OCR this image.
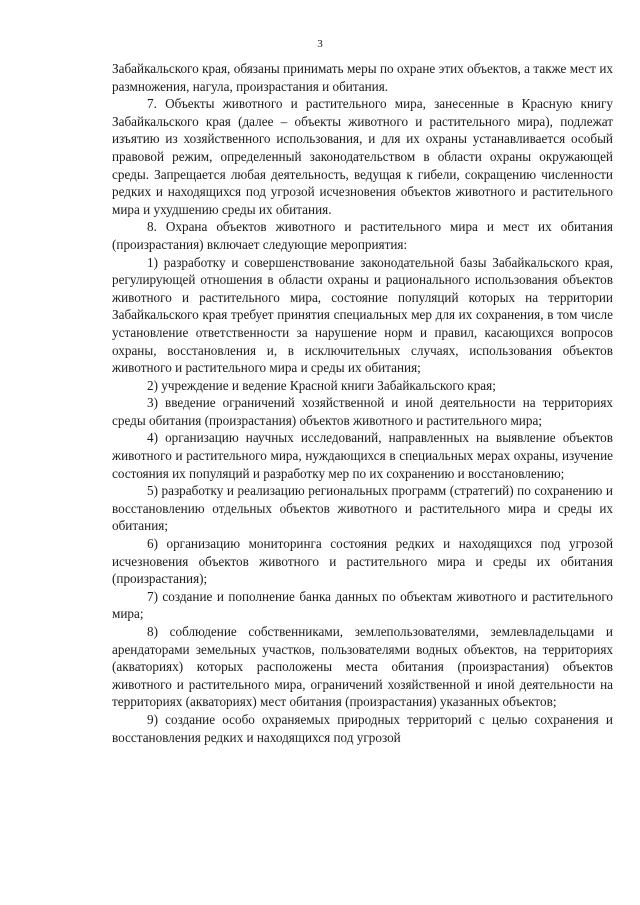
3

Забайкальского края, обязаны принимать меры по охране этих объектов, а также мест их размножения, нагула, произрастания и обитания.

7. Объекты животного и растительного мира, занесенные в Красную книгу Забайкальского края (далее – объекты животного и растительного мира), подлежат изъятию из хозяйственного использования, и для их охраны устанавливается особый правовой режим, определенный законодательством в области охраны окружающей среды. Запрещается любая деятельность, ведущая к гибели, сокращению численности редких и находящихся под угрозой исчезновения объектов животного и растительного мира и ухудшению среды их обитания.

8. Охрана объектов животного и растительного мира и мест их обитания (произрастания) включает следующие мероприятия:

1) разработку и совершенствование законодательной базы Забайкальского края, регулирующей отношения в области охраны и рационального использования объектов животного и растительного мира, состояние популяций которых на территории Забайкальского края требует принятия специальных мер для их сохранения, в том числе установление ответственности за нарушение норм и правил, касающихся вопросов охраны, восстановления и, в исключительных случаях, использования объектов животного и растительного мира и среды их обитания;

2) учреждение и ведение Красной книги Забайкальского края;

3) введение ограничений хозяйственной и иной деятельности на территориях среды обитания (произрастания) объектов животного и растительного мира;

4) организацию научных исследований, направленных на выявление объектов животного и растительного мира, нуждающихся в специальных мерах охраны, изучение состояния их популяций и разработку мер по их сохранению и восстановлению;

5) разработку и реализацию региональных программ (стратегий) по сохранению и восстановлению отдельных объектов животного и растительного мира и среды их обитания;

6) организацию мониторинга состояния редких и находящихся под угрозой исчезновения объектов животного и растительного мира и среды их обитания (произрастания);

7) создание и пополнение банка данных по объектам животного и растительного мира;

8) соблюдение собственниками, землепользователями, землевладельцами и арендаторами земельных участков, пользователями водных объектов, на территориях (акваториях) которых расположены места обитания (произрастания) объектов животного и растительного мира, ограничений хозяйственной и иной деятельности на территориях (акваториях) мест обитания (произрастания) указанных объектов;

9) создание особо охраняемых природных территорий с целью сохранения и восстановления редких и находящихся под угрозой
